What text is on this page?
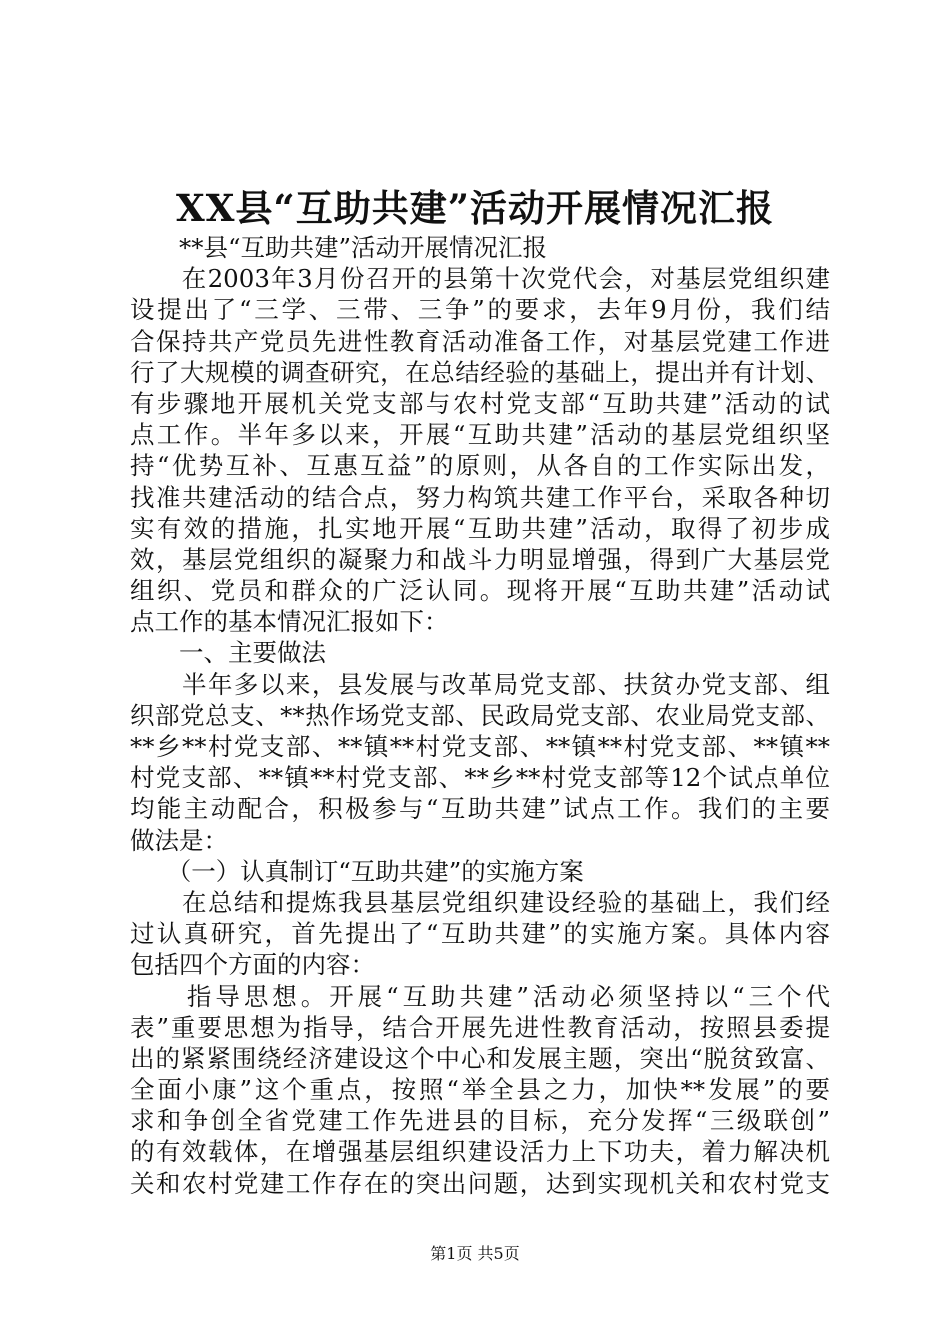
XX县“互助共建”活动开展情况汇报
　　**县“互助共建”活动开展情况汇报
　　在2003年3月份召开的县第十次党代会，对基层党组织建
设提出了“三学、三带、三争”的要求，去年9月份，我们结
合保持共产党员先进性教育活动准备工作，对基层党建工作进
行了大规模的调查研究，在总结经验的基础上，提出并有计划、
有步骤地开展机关党支部与农村党支部“互助共建”活动的试
点工作。半年多以来，开展“互助共建”活动的基层党组织坚
持“优势互补、互惠互益”的原则，从各自的工作实际出发，
找准共建活动的结合点，努力构筑共建工作平台，采取各种切
实有效的措施，扎实地开展“互助共建”活动，取得了初步成
效，基层党组织的凝聚力和战斗力明显增强，得到广大基层党
组织、党员和群众的广泛认同。现将开展“互助共建”活动试
点工作的基本情况汇报如下：
　　一、主要做法
　　半年多以来，县发展与改革局党支部、扶贫办党支部、组
织部党总支、**热作场党支部、民政局党支部、农业局党支部、
**乡**村党支部、**镇**村党支部、**镇**村党支部、**镇**
村党支部、**镇**村党支部、**乡**村党支部等12个试点单位
均能主动配合，积极参与“互助共建”试点工作。我们的主要
做法是：
　　（一）认真制订“互助共建”的实施方案
　　在总结和提炼我县基层党组织建设经验的基础上，我们经
过认真研究，首先提出了“互助共建”的实施方案。具体内容
包括四个方面的内容：
　　指导思想。开展“互助共建”活动必须坚持以“三个代
表”重要思想为指导，结合开展先进性教育活动，按照县委提
出的紧紧围绕经济建设这个中心和发展主题，突出“脱贫致富、
全面小康”这个重点，按照“举全县之力，加快**发展”的要
求和争创全省党建工作先进县的目标，充分发挥“三级联创”
的有效载体，在增强基层组织建设活力上下功夫，着力解决机
关和农村党建工作存在的突出问题，达到实现机关和农村党支
第1页 共5页
